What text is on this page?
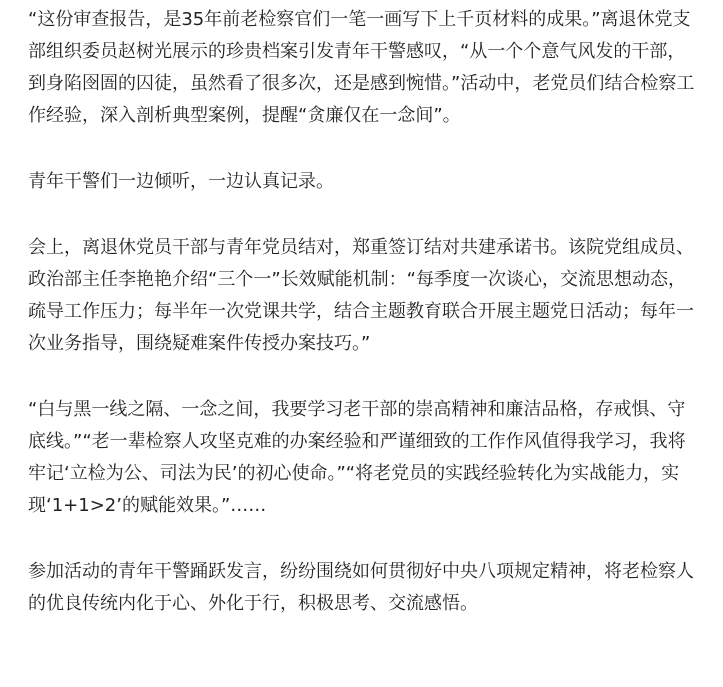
“这份审查报告，是35年前老检察官们一笔一画写下上千页材料的成果。”离退休党支部组织委员赵树光展示的珍贵档案引发青年干警感叹，“从一个个意气风发的干部，到身陷囹圄的囚徒，虽然看了很多次，还是感到惋惜。”活动中，老党员们结合检察工作经验，深入剖析典型案例，提醒“贪廉仅在一念间”。

青年干警们一边倾听，一边认真记录。

会上，离退休党员干部与青年党员结对，郑重签订结对共建承诺书。该院党组成员、政治部主任李艳艳介绍“三个一”长效赋能机制：“每季度一次谈心，交流思想动态，疏导工作压力；每半年一次党课共学，结合主题教育联合开展主题党日活动；每年一次业务指导，围绕疑难案件传授办案技巧。”

“白与黑一线之隔、一念之间，我要学习老干部的崇高精神和廉洁品格，存戒惧、守底线。”“老一辈检察人攻坚克难的办案经验和严谨细致的工作作风值得我学习，我将牢记‘立检为公、司法为民’的初心使命。”“将老党员的实践经验转化为实战能力，实现‘1+1>2’的赋能效果。”……

参加活动的青年干警踊跃发言，纷纷围绕如何贯彻好中央八项规定精神，将老检察人的优良传统内化于心、外化于行，积极思考、交流感悟。
